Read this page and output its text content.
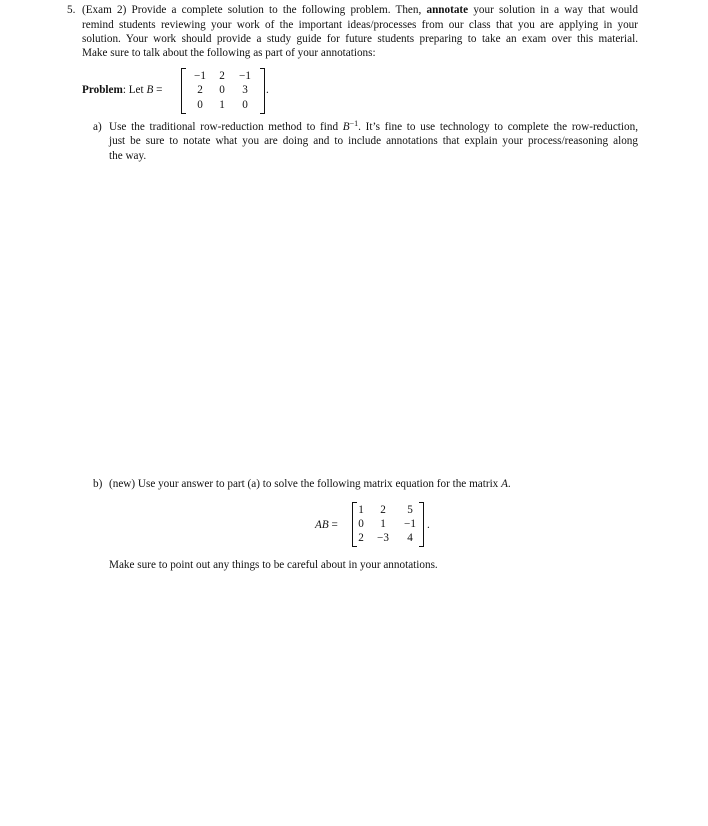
5. (Exam 2) Provide a complete solution to the following problem. Then, annotate your solution in a way that would
remind students reviewing your work of the important ideas/processes from our class that you are applying in your
solution. Your work should provide a study guide for future students preparing to take an exam over this material.
Make sure to talk about the following as part of your annotations:
Problem: Let B =
−1	2	−1
2	0	3
0	1	0
.
a) Use the traditional row-reduction method to find $B^{-1}$. It’s fine to use technology to complete the row-reduction,
just be sure to notate what you are doing and to include annotations that explain your process/reasoning along
the way.
b) (new) Use your answer to part (a) to solve the following matrix equation for the matrix A.
AB =
1	2	5
0	1	−1
2	−3	4
.
Make sure to point out any things to be careful about in your annotations.
